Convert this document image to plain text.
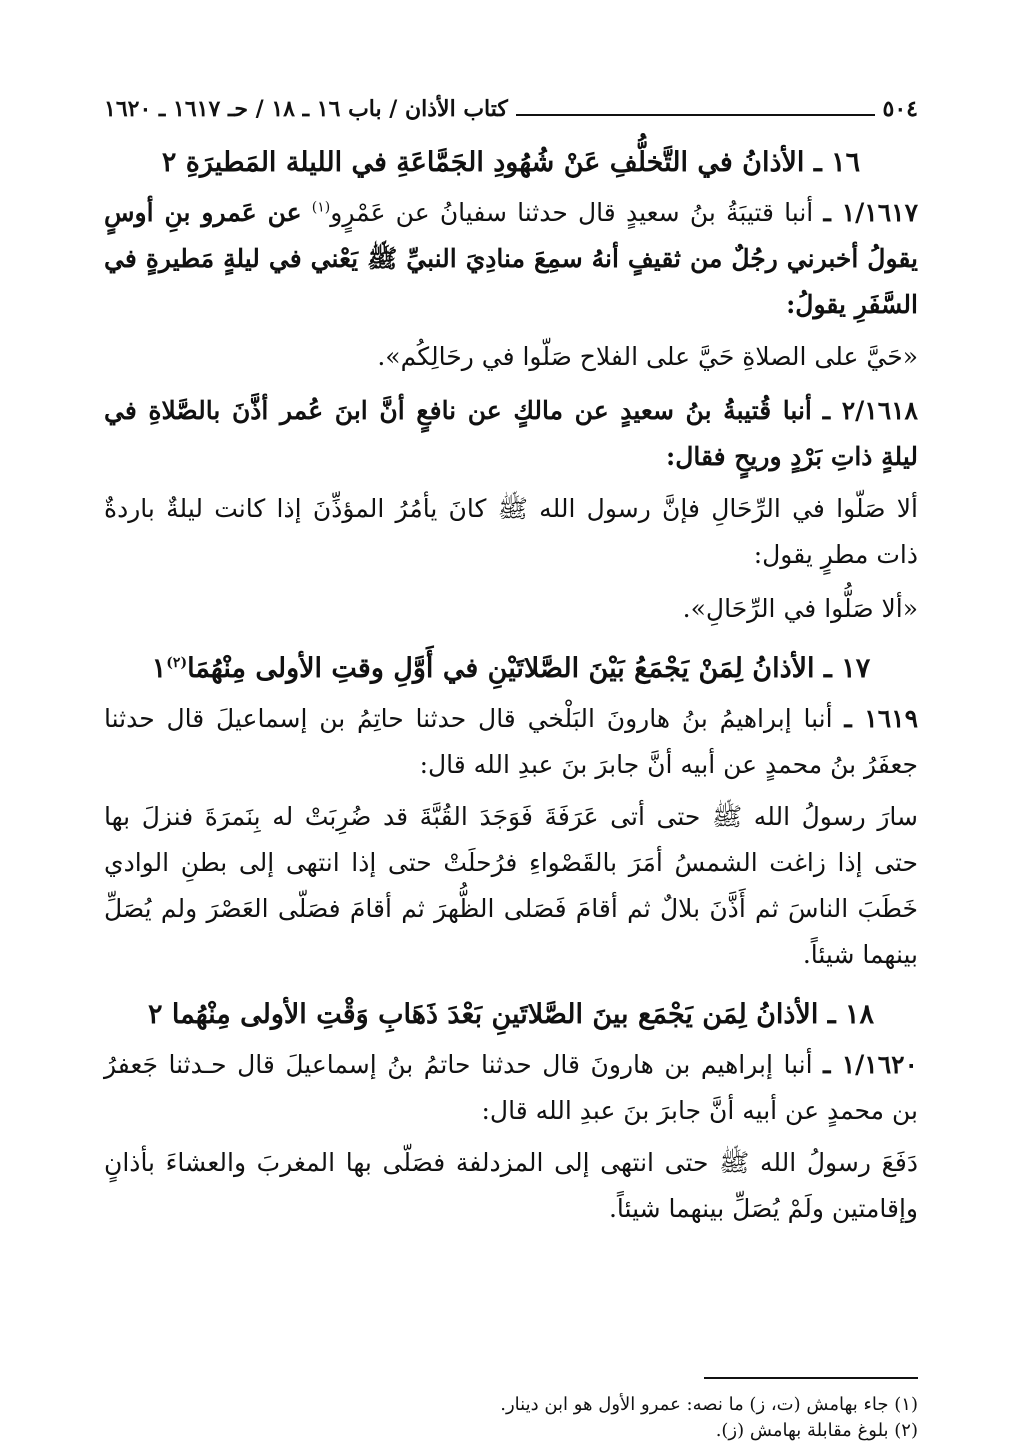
٥٠٤
كتاب الأذان / باب ١٦ ـ ١٨ / حـ ١٦١٧ ـ ١٦٢٠
١٦ ـ الأذانُ في التَّخلُّفِ عَنْ شُهُودِ الجَمَّاعَةِ في الليلة المَطيرَةِ ٢

١/١٦١٧ ـ أنبا قتيبَةُ بنُ سعيدٍ قال حدثنا سفيانُ عن عَمْرٍو$^{(١)}$ عن عَمرو بنِ أوسٍ يقولُ أخبرني رجُلٌ من ثقيفٍ أنهُ سمِعَ منادِيَ النبيِّ ﷺ يَعْني في ليلةٍ مَطيرةٍ في السَّفَرِ يقولُ:

«حَيَّ على الصلاةِ حَيَّ على الفلاح صَلّوا في رحَالِكُم».

٢/١٦١٨ ـ أنبا قُتيبةُ بنُ سعيدٍ عن مالكٍ عن نافعٍ أنَّ ابنَ عُمر أذَّنَ بالصَّلاةِ في ليلةٍ ذاتِ بَرْدٍ وريحٍ فقال:

ألا صَلّوا في الرِّحَالِ فإنَّ رسول الله ﷺ كانَ يأمُرُ المؤذِّنَ إذا كانت ليلةٌ باردةٌ ذات مطرٍ يقول:

«ألا صَلُّوا في الرِّحَالِ».

١٧ ـ الأذانُ لِمَنْ يَجْمَعُ بَيْنَ الصَّلاتَيْنِ في أَوَّلِ وقتِ الأولى مِنْهُمَا$^{(٢)}$١

١٦١٩ ـ أنبا إبراهيمُ بنُ هارونَ البَلْخي قال حدثنا حاتِمُ بن إسماعيلَ قال حدثنا جعفَرُ بنُ محمدٍ عن أبيه أنَّ جابرَ بنَ عبدِ الله قال:

سارَ رسولُ الله ﷺ حتى أتى عَرَفَةَ فَوَجَدَ القُبَّةَ قد ضُرِبَتْ له بِنَمرَةَ فنزلَ بها حتى إذا زاغت الشمسُ أمَرَ بالقَصْواءِ فرُحلَتْ حتى إذا انتهى إلى بطنِ الوادي خَطَبَ الناسَ ثم أَذَّنَ بلالٌ ثم أقامَ فَصَلى الظُّهرَ ثم أقامَ فصَلّى العَصْرَ ولم يُصَلِّ بينهما شيئاً.

١٨ ـ الأذانُ لِمَن يَجْمَع بينَ الصَّلاتَينِ بَعْدَ ذَهَابِ وَقْتِ الأولى مِنْهُما ٢

١/١٦٢٠ ـ أنبا إبراهيم بن هارونَ قال حدثنا حاتمُ بنُ إسماعيلَ قال حـدثنا جَعفرُ بن محمدٍ عن أبيه أنَّ جابرَ بنَ عبدِ الله قال:

دَفَعَ رسولُ الله ﷺ حتى انتهى إلى المزدلفة فصَلّى بها المغربَ والعشاءَ بأذانٍ وإقامتين ولَمْ يُصَلِّ بينهما شيئاً.

(١) جاء بهامش (ت، ز) ما نصه: عمرو الأول هو ابن دينار.
(٢) بلوغ مقابلة بهامش (ز).
